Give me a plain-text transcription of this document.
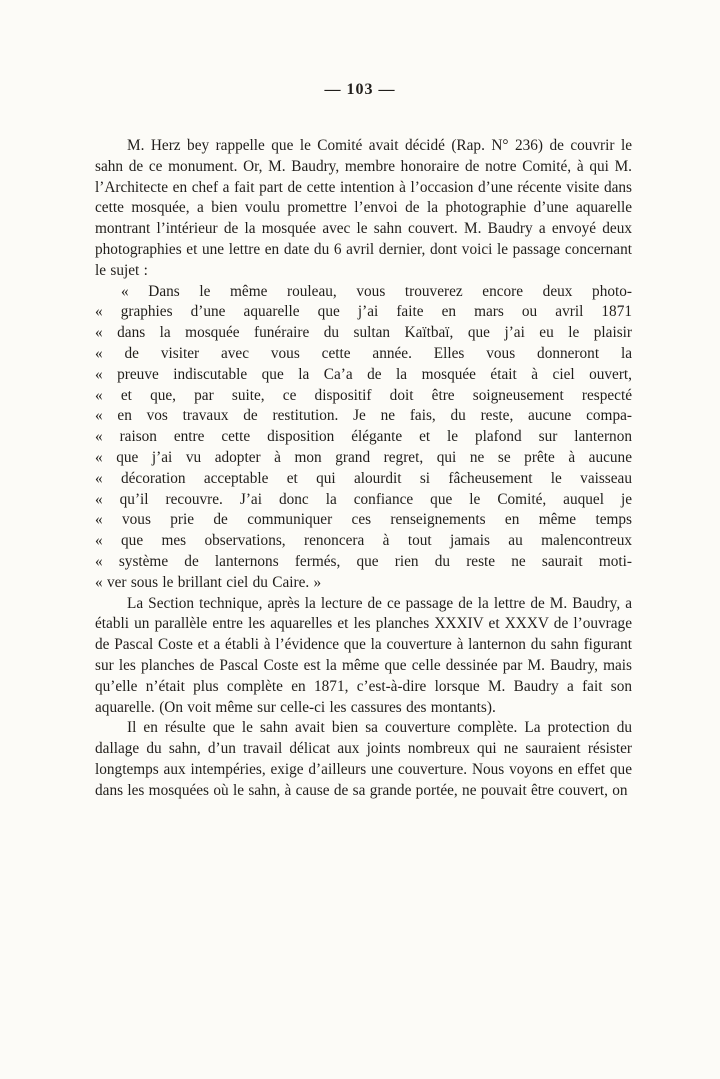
— 103 —

M. Herz bey rappelle que le Comité avait décidé (Rap. N° 236) de couvrir le sahn de ce monument. Or, M. Baudry, membre honoraire de notre Comité, à qui M. l’Architecte en chef a fait part de cette intention à l’occasion d’une récente visite dans cette mosquée, a bien voulu promettre l’envoi de la photographie d’une aquarelle montrant l’intérieur de la mosquée avec le sahn couvert. M. Baudry a envoyé deux photographies et une lettre en date du 6 avril dernier, dont voici le passage concernant le sujet :

« Dans le même rouleau, vous trouverez encore deux photo-
« graphies d’une aquarelle que j’ai faite en mars ou avril 1871
« dans la mosquée funéraire du sultan Kaïtbaï, que j’ai eu le plaisir
« de visiter avec vous cette année. Elles vous donneront la
« preuve indiscutable que la Ca’a de la mosquée était à ciel ouvert,
« et que, par suite, ce dispositif doit être soigneusement respecté
« en vos travaux de restitution. Je ne fais, du reste, aucune compa-
« raison entre cette disposition élégante et le plafond sur lanternon
« que j’ai vu adopter à mon grand regret, qui ne se prête à aucune
« décoration acceptable et qui alourdit si fâcheusement le vaisseau
« qu’il recouvre. J’ai donc la confiance que le Comité, auquel je
« vous prie de communiquer ces renseignements en même temps
« que mes observations, renoncera à tout jamais au malencontreux
« système de lanternons fermés, que rien du reste ne saurait moti-
« ver sous le brillant ciel du Caire. »

La Section technique, après la lecture de ce passage de la lettre de M. Baudry, a établi un parallèle entre les aquarelles et les planches XXXIV et XXXV de l’ouvrage de Pascal Coste et a établi à l’évidence que la couverture à lanternon du sahn figurant sur les planches de Pascal Coste est la même que celle dessinée par M. Baudry, mais qu’elle n’était plus complète en 1871, c’est-à-dire lorsque M. Baudry a fait son aquarelle. (On voit même sur celle-ci les cassures des montants).

Il en résulte que le sahn avait bien sa couverture complète. La protection du dallage du sahn, d’un travail délicat aux joints nombreux qui ne sauraient résister longtemps aux intempéries, exige d’ailleurs une couverture. Nous voyons en effet que dans les mosquées où le sahn, à cause de sa grande portée, ne pouvait être couvert, on
